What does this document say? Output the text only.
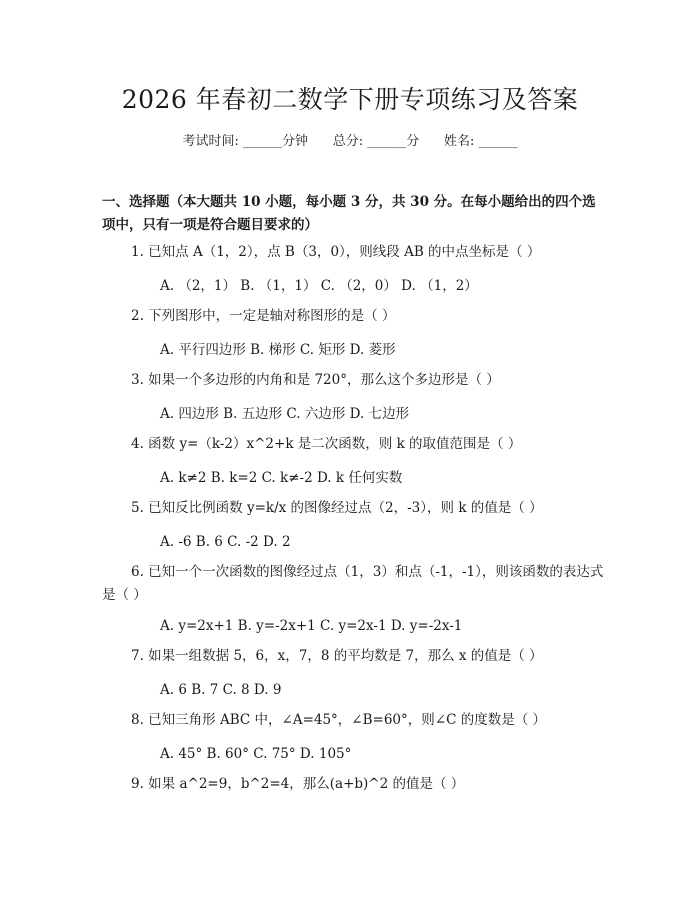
2026 年春初二数学下册专项练习及答案
考试时间: ______分钟      总分: ______分      姓名: ______
一、选择题（本大题共 10 小题，每小题 3 分，共 30 分。在每小题给出的四个选项中，只有一项是符合题目要求的）
1. 已知点 A（1，2），点 B（3，0），则线段 AB 的中点坐标是（ ）
A. （2，1） B. （1，1） C. （2，0） D. （1，2）
2. 下列图形中，一定是轴对称图形的是（ ）
A. 平行四边形 B. 梯形 C. 矩形 D. 菱形
3. 如果一个多边形的内角和是 720°，那么这个多边形是（ ）
A. 四边形 B. 五边形 C. 六边形 D. 七边形
4. 函数 y=（k-2）x^2+k 是二次函数，则 k 的取值范围是（ ）
A. k≠2 B. k=2 C. k≠-2 D. k 任何实数
5. 已知反比例函数 y=k/x 的图像经过点（2，-3），则 k 的值是（ ）
A. -6 B. 6 C. -2 D. 2
6. 已知一个一次函数的图像经过点（1，3）和点（-1，-1），则该函数的表达式是（ ）
A. y=2x+1 B. y=-2x+1 C. y=2x-1 D. y=-2x-1
7. 如果一组数据 5，6，x，7，8 的平均数是 7，那么 x 的值是（ ）
A. 6 B. 7 C. 8 D. 9
8. 已知三角形 ABC 中，∠A=45°，∠B=60°，则∠C 的度数是（ ）
A. 45° B. 60° C. 75° D. 105°
9. 如果 a^2=9，b^2=4，那么(a+b)^2 的值是（ ）
